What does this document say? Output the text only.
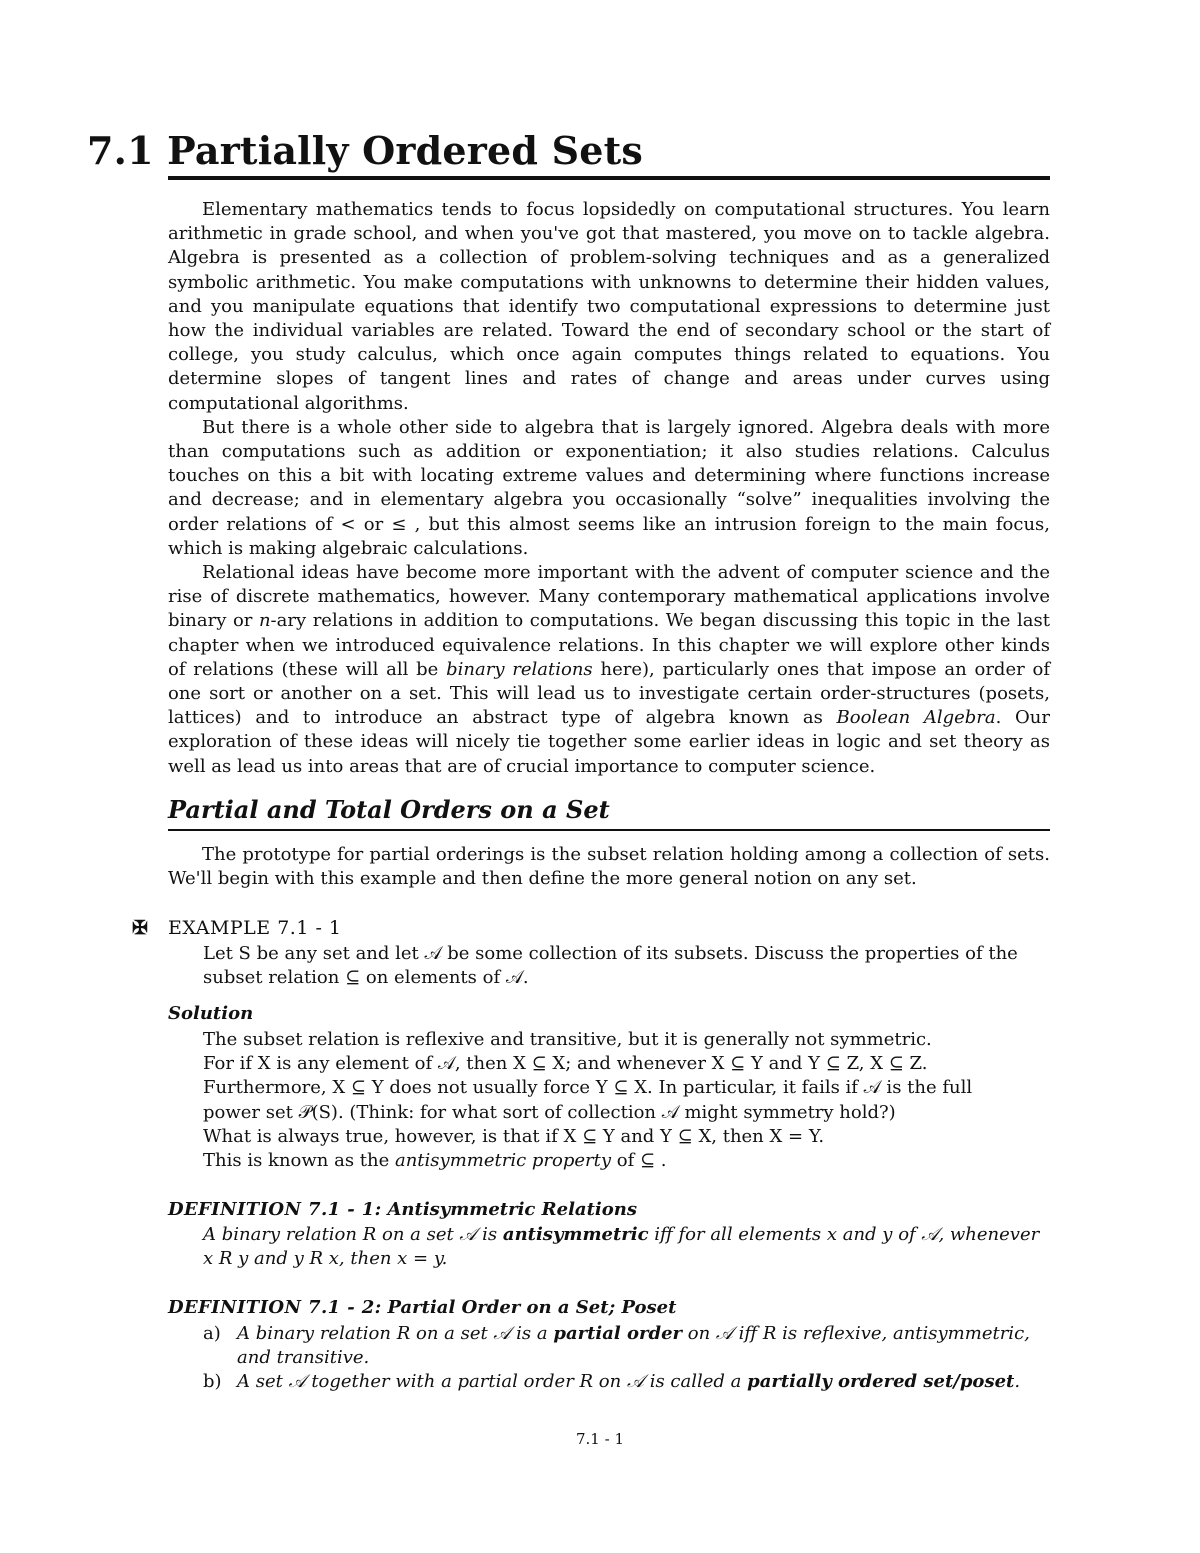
7.1 Partially Ordered Sets

Elementary mathematics tends to focus lopsidedly on computational structures. You learn arithmetic in grade school, and when you've got that mastered, you move on to tackle algebra. Algebra is presented as a collection of problem-solving techniques and as a generalized symbolic arithmetic. You make computations with unknowns to determine their hidden values, and you manipulate equations that identify two computational expressions to determine just how the individual variables are related. Toward the end of secondary school or the start of college, you study calculus, which once again computes things related to equations. You determine slopes of tangent lines and rates of change and areas under curves using computational algorithms.

But there is a whole other side to algebra that is largely ignored. Algebra deals with more than computations such as addition or exponentiation; it also studies relations. Calculus touches on this a bit with locating extreme values and determining where functions increase and decrease; and in elementary algebra you occasionally “solve” inequalities involving the order relations of < or ≤ , but this almost seems like an intrusion foreign to the main focus, which is making algebraic calculations.

Relational ideas have become more important with the advent of computer science and the rise of discrete mathematics, however. Many contemporary mathematical applications involve binary or n-ary relations in addition to computations. We began discussing this topic in the last chapter when we introduced equivalence relations. In this chapter we will explore other kinds of relations (these will all be binary relations here), particularly ones that impose an order of one sort or another on a set. This will lead us to investigate certain order-structures (posets, lattices) and to introduce an abstract type of algebra known as Boolean Algebra. Our exploration of these ideas will nicely tie together some earlier ideas in logic and set theory as well as lead us into areas that are of crucial importance to computer science.

Partial and Total Orders on a Set

The prototype for partial orderings is the subset relation holding among a collection of sets. We'll begin with this example and then define the more general notion on any set.

✠ EXAMPLE 7.1 - 1
Let S be any set and let 𝒜 be some collection of its subsets. Discuss the properties of the
subset relation ⊆ on elements of 𝒜.
Solution
The subset relation is reflexive and transitive, but it is generally not symmetric.
For if X is any element of 𝒜, then X ⊆ X; and whenever X ⊆ Y and Y ⊆ Z, X ⊆ Z.
Furthermore, X ⊆ Y does not usually force Y ⊆ X. In particular, it fails if 𝒜 is the full
power set 𝒫(S). (Think: for what sort of collection 𝒜 might symmetry hold?)
What is always true, however, is that if X ⊆ Y and Y ⊆ X, then X = Y.
This is known as the antisymmetric property of ⊆ .
DEFINITION 7.1 - 1: Antisymmetric Relations
A binary relation R on a set 𝒜 is antisymmetric iff for all elements x and y of 𝒜, whenever
x R y and y R x, then x = y.
DEFINITION 7.1 - 2: Partial Order on a Set; Poset
a) A binary relation R on a set 𝒜 is a partial order on 𝒜 iff R is reflexive, antisymmetric, and transitive.
b) A set 𝒜 together with a partial order R on 𝒜 is called a partially ordered set/poset.
7.1 - 1
